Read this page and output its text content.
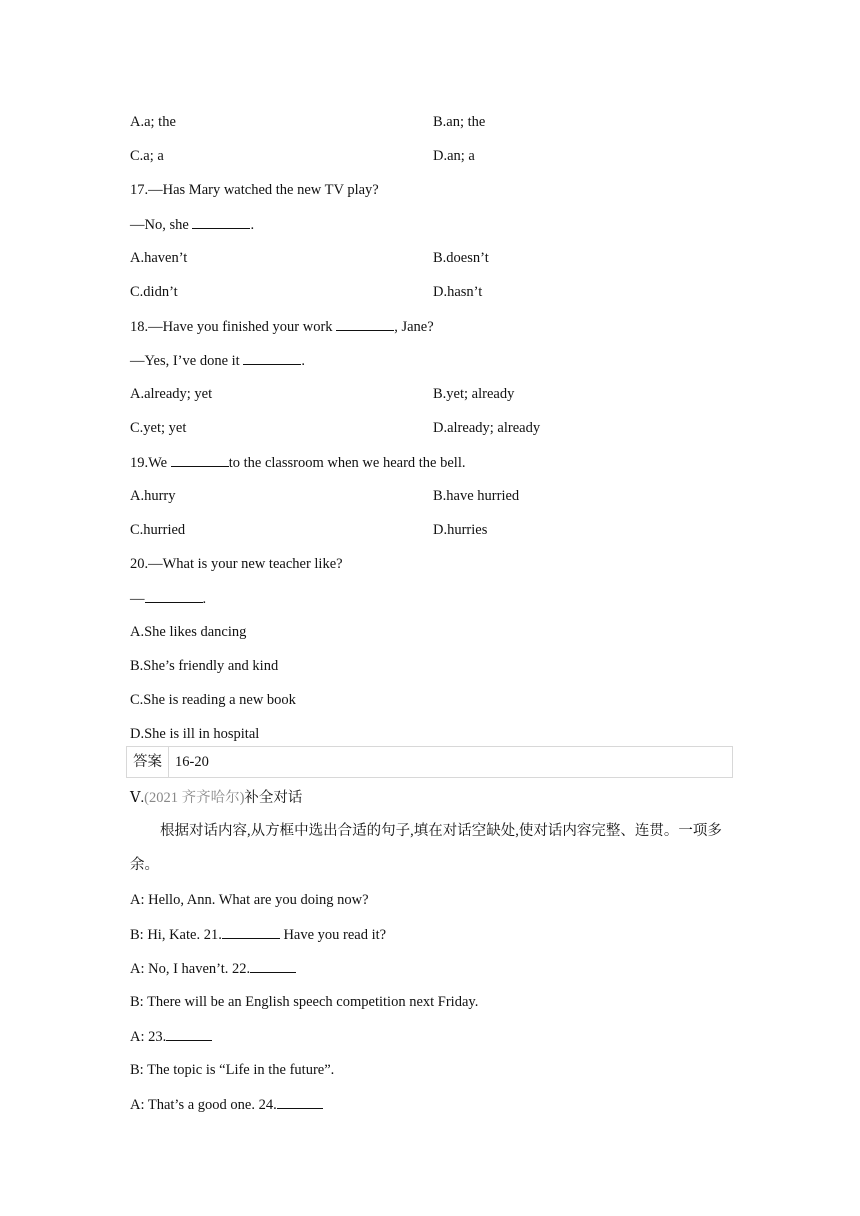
A.a; the	B.an; the
C.a; a	D.an; a
17.—Has Mary watched the new TV play?
—No, she	.
A.haven’t	B.doesn’t
C.didn’t	D.hasn’t
18.—Have you finished your work	, Jane?
—Yes, I’ve done it	.
A.already; yet	B.yet; already
C.yet; yet	D.already; already
19.We	to the classroom when we heard the bell.
A.hurry	B.have hurried
C.hurried	D.hurries
20.—What is your new teacher like?
—	.
A.She likes dancing
B.She’s friendly and kind
C.She is reading a new book
D.She is ill in hospital
答案 16-20
Ⅴ.(2021 齐齐哈尔)补全对话
根据对话内容,从方框中选出合适的句子,填在对话空缺处,使对话内容完整、连贯。一项多余。
A: Hello, Ann. What are you doing now?
B: Hi, Kate. 21.	Have you read it?
A: No, I haven’t. 22.
B: There will be an English speech competition next Friday.
A: 23.
B: The topic is “Life in the future”.
A: That’s a good one. 24.
